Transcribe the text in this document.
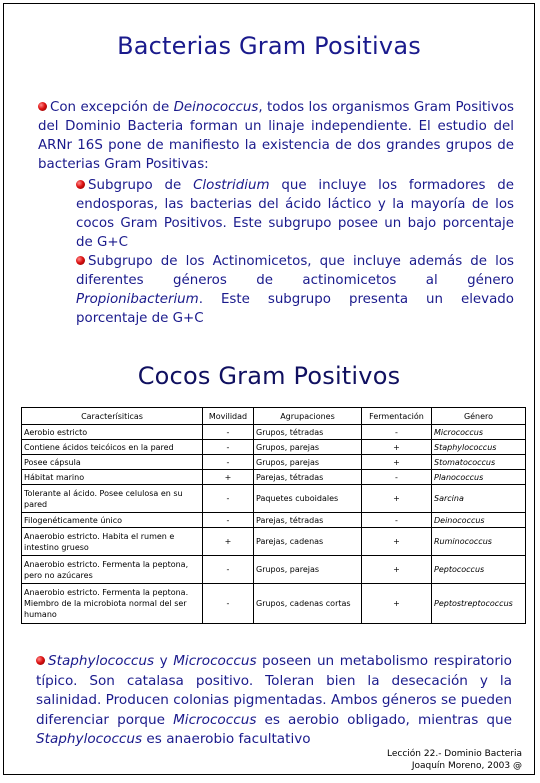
Bacterias Gram Positivas
Con excepción de Deinococcus, todos los organismos Gram Positivos del Dominio Bacteria forman un linaje independiente. El estudio del ARNr 16S pone de manifiesto la existencia de dos grandes grupos de bacterias Gram Positivas:
Subgrupo de Clostridium que incluye los formadores de endosporas, las bacterias del ácido láctico y la mayoría de los cocos Gram Positivos. Este subgrupo posee un bajo porcentaje de G+C
Subgrupo de los Actinomicetos, que incluye además de los diferentes géneros de actinomicetos al género Propionibacterium. Este subgrupo presenta un elevado porcentaje de G+C
Cocos Gram Positivos
Caracterísiticas	Movilidad	Agrupaciones	Fermentación	Género
Aerobio estricto	-	Grupos, tétradas	-	Micrococcus
Contiene ácidos teicóicos en la pared	-	Grupos, parejas	+	Staphylococcus
Posee cápsula	-	Grupos, parejas	+	Stomatococcus
Hábitat marino	+	Parejas, tétradas	-	Planococcus
Tolerante al ácido. Posee celulosa en su pared	-	Paquetes cuboidales	+	Sarcina
Filogenéticamente único	-	Parejas, tétradas	-	Deinococcus
Anaerobio estricto. Habita el rumen e intestino grueso	+	Parejas, cadenas	+	Ruminococcus
Anaerobio estricto. Fermenta la peptona, pero no azúcares	-	Grupos, parejas	+	Peptococcus
Anaerobio estricto. Fermenta la peptona. Miembro de la microbiota normal del ser humano	-	Grupos, cadenas cortas	+	Peptostreptococcus
Staphylococcus y Micrococcus poseen un metabolismo respiratorio típico. Son catalasa positivo. Toleran bien la desecación y la salinidad. Producen colonias pigmentadas. Ambos géneros se pueden diferenciar porque Micrococcus es aerobio obligado, mientras que Staphylococcus es anaerobio facultativo
Lección 22.- Dominio Bacteria
Joaquín Moreno, 2003 @
